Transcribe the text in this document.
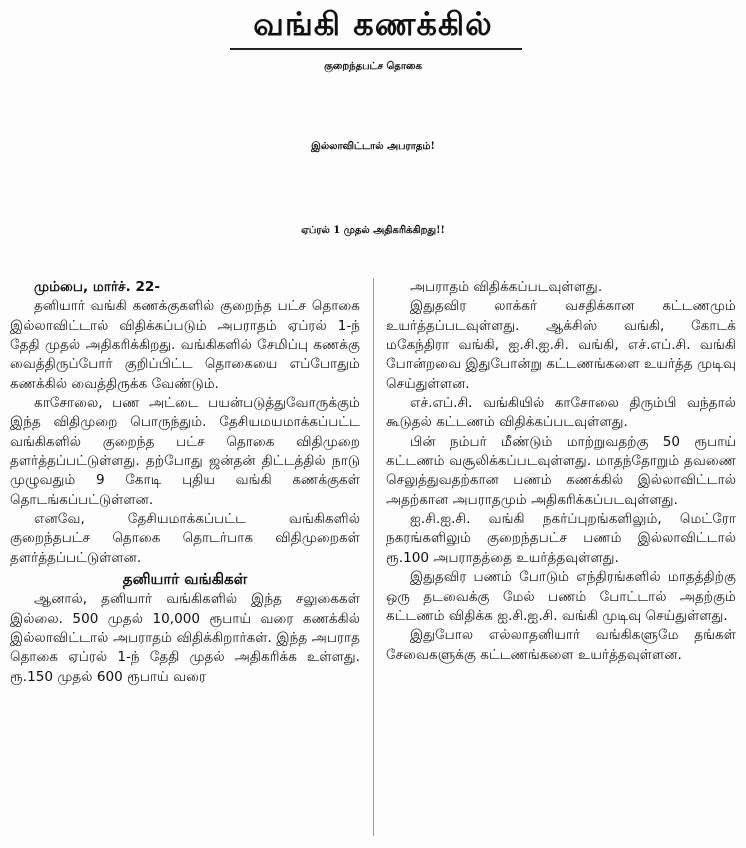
வங்கி கணக்கில்
குறைந்தபட்ச தொகை
இல்லாவிட்டால் அபராதம்!
ஏப்ரல் 1 முதல் அதிகரிக்கிறது!!

மும்பை, மார்ச். 22-

தனியார் வங்கி கணக்குகளில் குறைந்த பட்ச தொகை இல்லாவிட்டால் விதிக்கப்படும் அபராதம் ஏப்ரல் 1-ந் தேதி முதல் அதிகரிக்கிறது. வங்கிகளில் சேமிப்பு கணக்கு வைத்திருப்போர் குறிப்பிட்ட தொகையை எப்போதும் கணக்கில் வைத்திருக்க வேண்டும்.

காசோலை, பண அட்டை பயன்படுத்துவோருக்கும் இந்த விதிமுறை பொருந்தும். தேசியமயமாக்கப்பட்ட வங்கிகளில் குறைந்த பட்ச தொகை விதிமுறை தளர்த்தப்பட்டுள்ளது. தற்போது ஜன்தன் திட்டத்தில் நாடு முழுவதும் 9 கோடி புதிய வங்கி கணக்குகள் தொடங்கப்பட்டுள்ளன.

எனவே, தேசியமாக்கப்பட்ட வங்கிகளில் குறைந்தபட்ச தொகை தொடர்பாக விதிமுறைகள் தளர்த்தப்பட்டுள்ளன.

தனியார் வங்கிகள்

ஆனால், தனியார் வங்கிகளில் இந்த சலுகைகள் இல்லை. 500 முதல் 10,000 ரூபாய் வரை கணக்கில் இல்லாவிட்டால் அபராதம் விதிக்கிறார்கள். இந்த அபராத தொகை ஏப்ரல் 1-ந் தேதி முதல் அதிகரிக்க உள்ளது. ரூ.150 முதல் 600 ரூபாய் வரை

அபராதம் விதிக்கப்படவுள்ளது.

இதுதவிர லாக்கர் வசதிக்கான கட்டணமும் உயர்த்தப்படவுள்ளது. ஆக்சிஸ் வங்கி, கோடக் மகேந்திரா வங்கி, ஐ.சி.ஐ.சி. வங்கி, எச்.எப்.சி. வங்கி போன்றவை இதுபோன்று கட்டணங்களை உயர்த்த முடிவு செய்துள்ளன.

எச்.எப்.சி. வங்கியில் காசோலை திரும்பி வந்தால் கூடுதல் கட்டணம் விதிக்கப்படவுள்ளது.

பின் நம்பர் மீண்டும் மாற்றுவதற்கு 50 ரூபாய் கட்டணம் வசூலிக்கப்படவுள்ளது. மாதந்தோறும் தவணை செலுத்துவதற்கான பணம் கணக்கில் இல்லாவிட்டால் அதற்கான அபராதமும் அதிகரிக்கப்படவுள்ளது.

ஐ.சி.ஐ.சி. வங்கி நகர்ப்புறங்களிலும், மெட்ரோ நகரங்களிலும் குறைந்தபட்ச பணம் இல்லாவிட்டால் ரூ.100 அபராதத்தை உயர்த்தவுள்ளது.

இதுதவிர பணம் போடும் எந்திரங்களில் மாதத்திற்கு ஒரு தடவைக்கு மேல் பணம் போட்டால் அதற்கும் கட்டணம் விதிக்க ஐ.சி.ஐ.சி. வங்கி முடிவு செய்துள்ளது.

இதுபோல எல்லாதனியார் வங்கிகளுமே தங்கள் சேவைகளுக்கு கட்டணங்களை உயர்த்தவுள்ளன.
